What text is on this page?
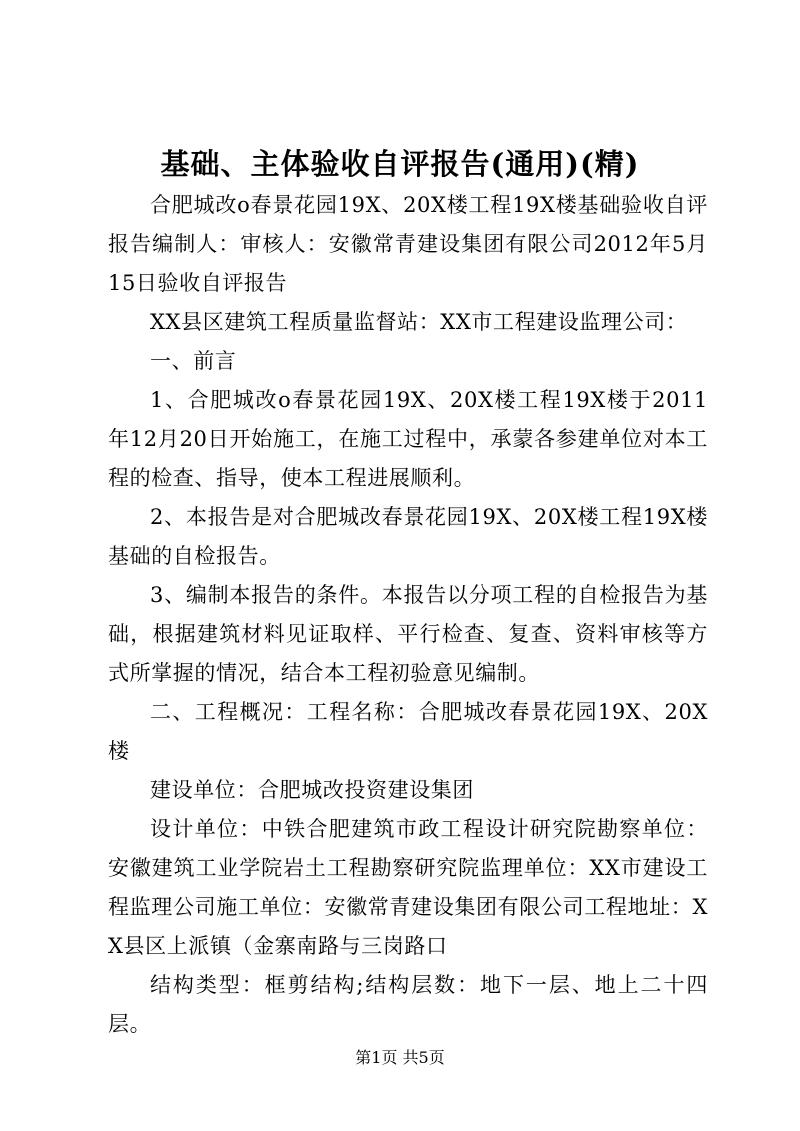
基础、主体验收自评报告(通用)(精)

合肥城改o春景花园19X、20X楼工程19X楼基础验收自评报告编制人：审核人：安徽常青建设集团有限公司2012年5月15日验收自评报告

XX县区建筑工程质量监督站：XX市工程建设监理公司：

一、前言

1、合肥城改o春景花园19X、20X楼工程19X楼于2011年12月20日开始施工，在施工过程中，承蒙各参建单位对本工程的检查、指导，使本工程进展顺利。

2、本报告是对合肥城改春景花园19X、20X楼工程19X楼基础的自检报告。

3、编制本报告的条件。本报告以分项工程的自检报告为基础，根据建筑材料见证取样、平行检查、复查、资料审核等方式所掌握的情况，结合本工程初验意见编制。

二、工程概况：工程名称：合肥城改春景花园19X、20X楼

建设单位：合肥城改投资建设集团

设计单位：中铁合肥建筑市政工程设计研究院勘察单位：安徽建筑工业学院岩土工程勘察研究院监理单位：XX市建设工程监理公司施工单位：安徽常青建设集团有限公司工程地址：XX县区上派镇（金寨南路与三岗路口

结构类型：框剪结构;结构层数：地下一层、地上二十四层。

第1页 共5页
